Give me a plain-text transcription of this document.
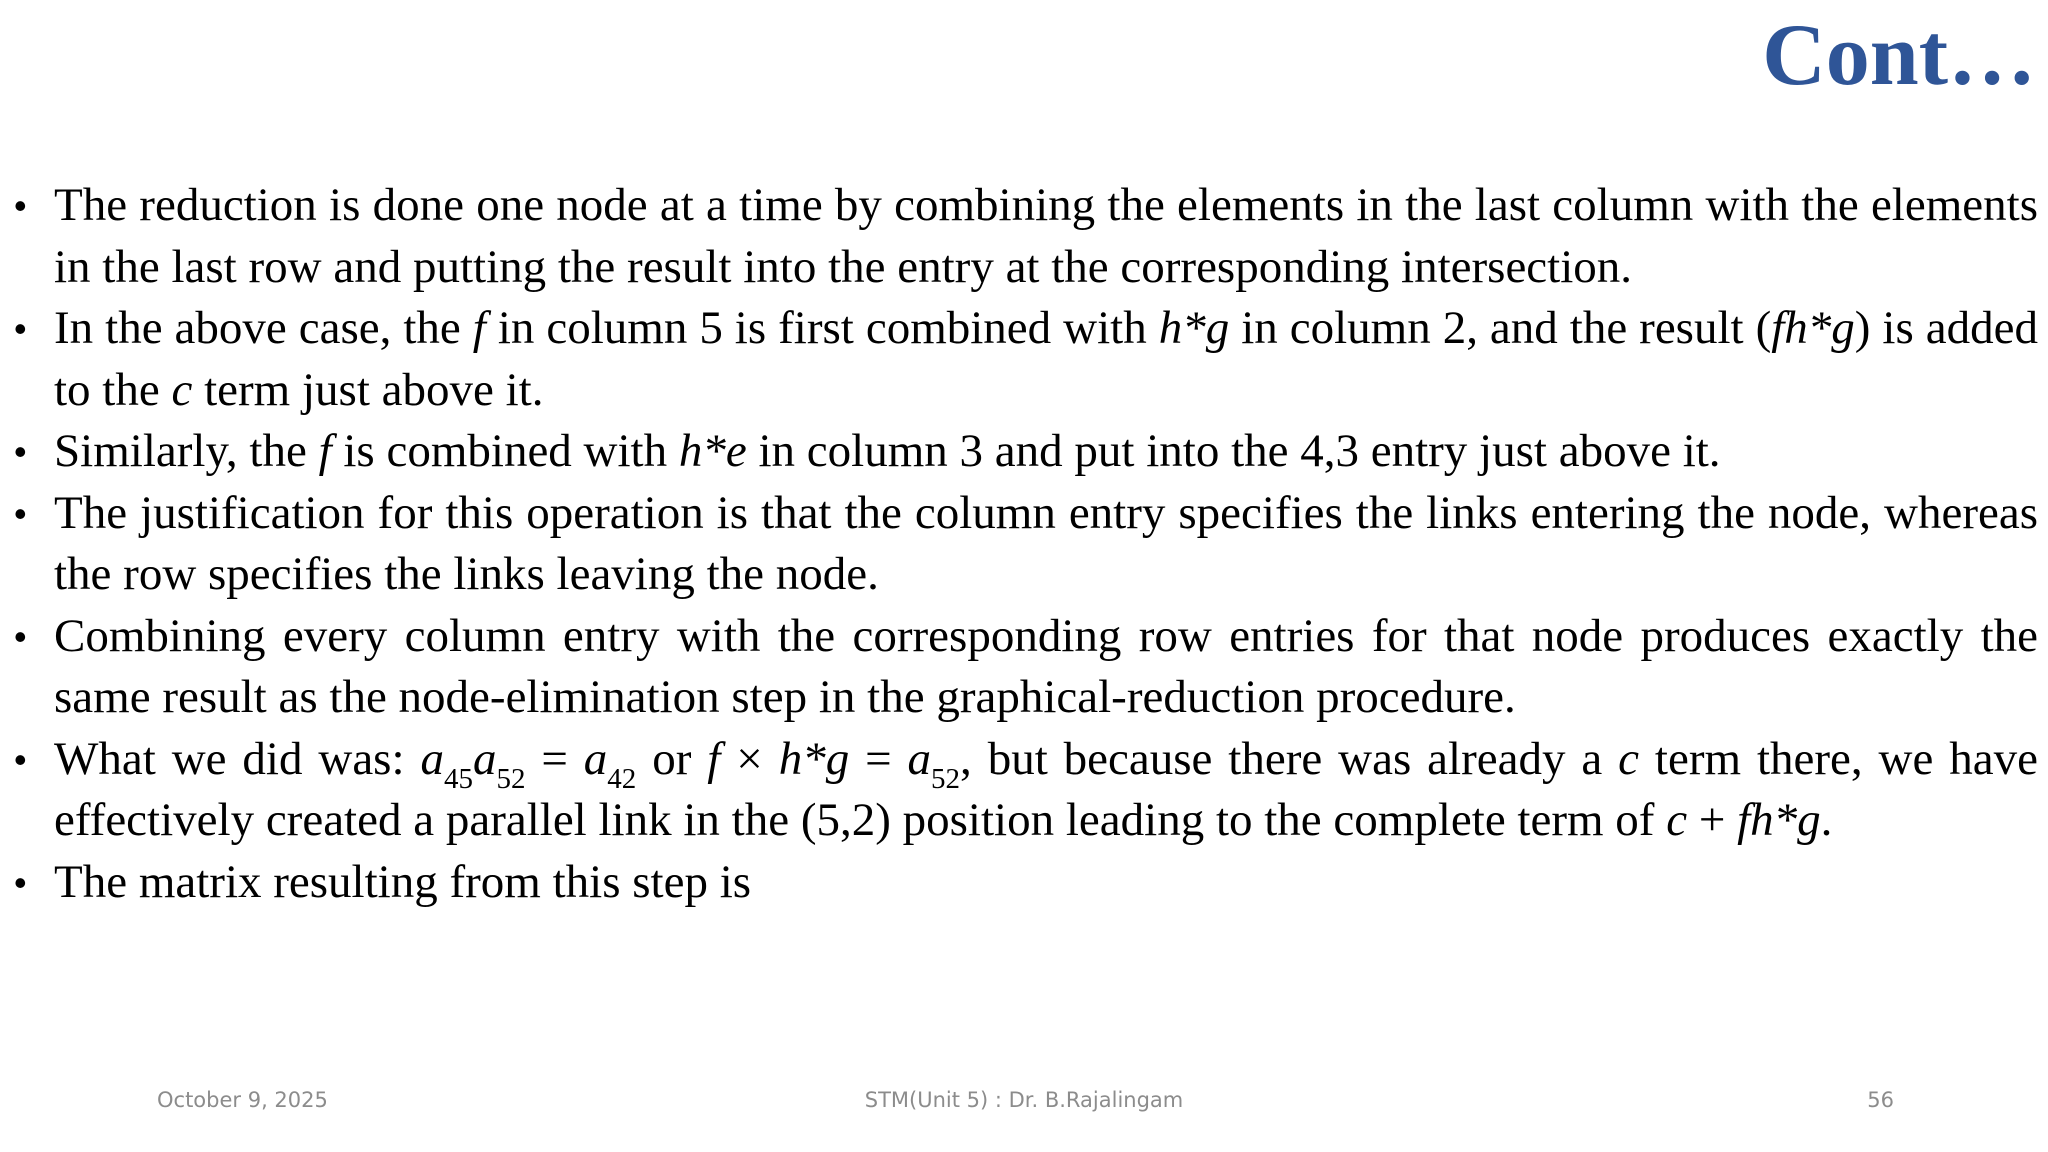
Cont…
• The reduction is done one node at a time by combining the elements in the last column with the elements in the last row and putting the result into the entry at the corresponding intersection.
• In the above case, the f in column 5 is first combined with h*g in column 2, and the result (fh*g) is added to the c term just above it.
• Similarly, the f is combined with h*e in column 3 and put into the 4,3 entry just above it.
• The justification for this operation is that the column entry specifies the links entering the node, whereas the row specifies the links leaving the node.
• Combining every column entry with the corresponding row entries for that node produces exactly the same result as the node-elimination step in the graphical-reduction procedure.
• What we did was: $a_{45}a_{52} = a_{42}$ or $f \times h*g = a_{52}$, but because there was already a c term there, we have effectively created a parallel link in the (5,2) position leading to the complete term of c + fh*g.
• The matrix resulting from this step is
October 9, 2025	STM(Unit 5) : Dr. B.Rajalingam	56
